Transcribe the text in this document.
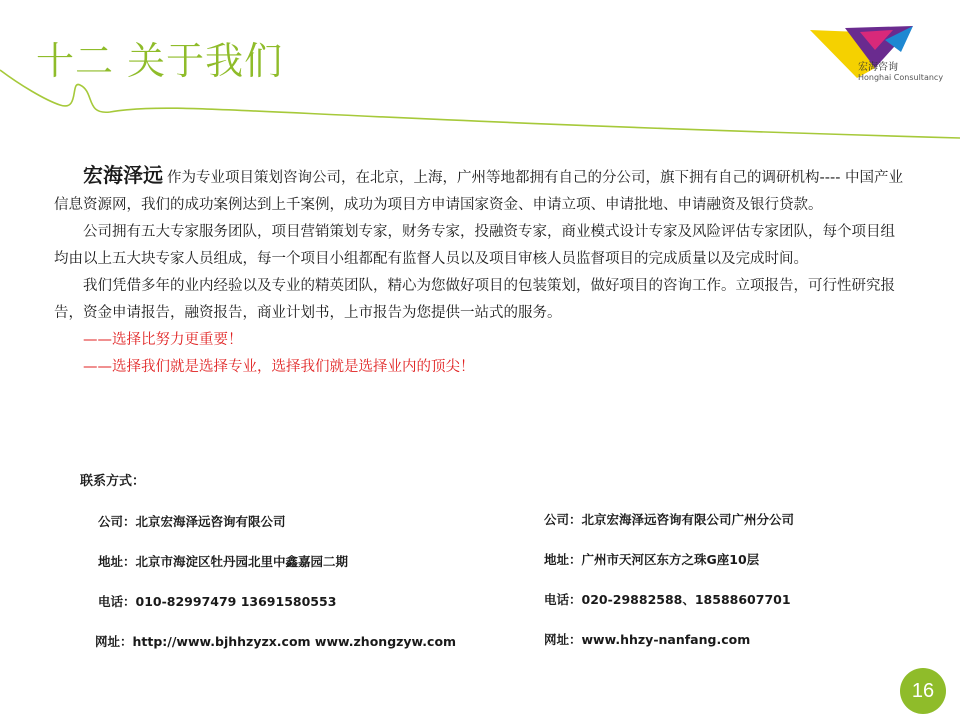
十二 关于我们	宏海咨询
Honghai Consultancy

宏海泽远 作为专业项目策划咨询公司，在北京，上海，广州等地都拥有自己的分公司，旗下拥有自己的调研机构---- 中国产业信息资源网，我们的成功案例达到上千案例，成功为项目方申请国家资金、申请立项、申请批地、申请融资及银行贷款。

公司拥有五大专家服务团队，项目营销策划专家，财务专家，投融资专家，商业模式设计专家及风险评估专家团队，每个项目组均由以上五大块专家人员组成，每一个项目小组都配有监督人员以及项目审核人员监督项目的完成质量以及完成时间。

我们凭借多年的业内经验以及专业的精英团队，精心为您做好项目的包装策划，做好项目的咨询工作。立项报告，可行性研究报告，资金申请报告，融资报告，商业计划书，上市报告为您提供一站式的服务。

——选择比努力更重要！

——选择我们就是选择专业，选择我们就是选择业内的顶尖！

联系方式：
公司：北京宏海泽远咨询有限公司
地址：北京市海淀区牡丹园北里中鑫嘉园二期
电话：010-82997479 13691580553
网址：http://www.bjhhzyzx.com www.zhongzyw.com
公司：北京宏海泽远咨询有限公司广州分公司
地址：广州市天河区东方之珠G座10层
电话：020-29882588、18588607701
网址：www.hhzy-nanfang.com
16
